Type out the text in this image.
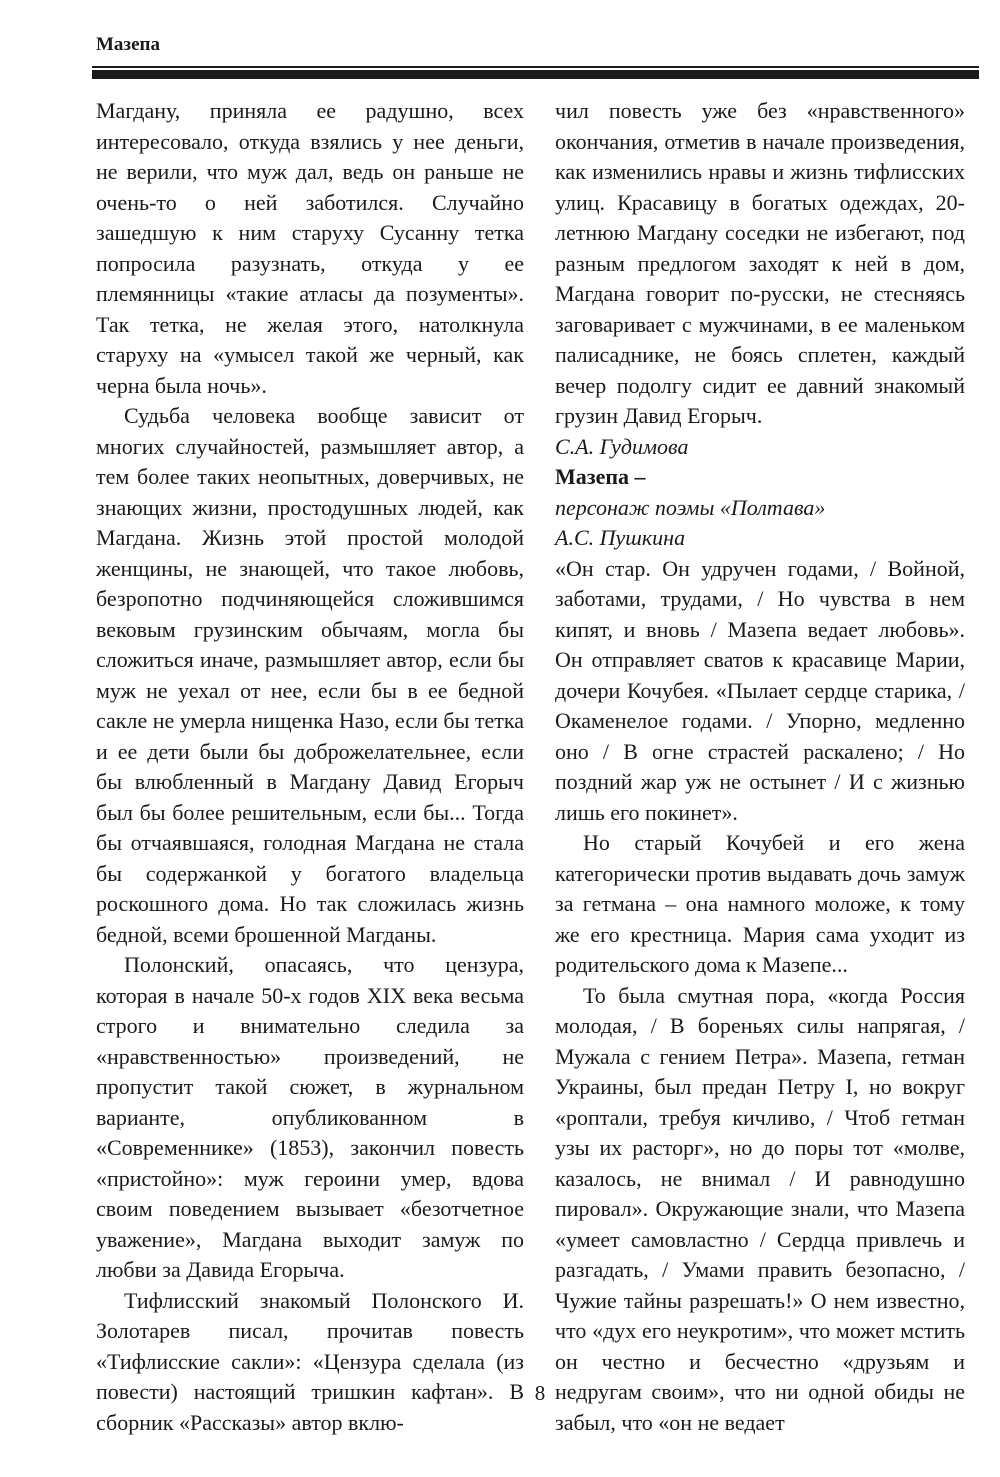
Мазепа

Магдану, приняла ее радушно, всех интересовало, откуда взялись у нее деньги, не верили, что муж дал, ведь он раньше не очень-то о ней заботился. Случайно зашедшую к ним старуху Сусанну тетка попросила разузнать, откуда у ее племянницы «такие атласы да позументы». Так тетка, не желая этого, натолкнула старуху на «умысел такой же черный, как черна была ночь».

Судьба человека вообще зависит от многих случайностей, размышляет автор, а тем более таких неопытных, доверчивых, не знающих жизни, простодушных людей, как Магдана. Жизнь этой простой молодой женщины, не знающей, что такое любовь, безропотно подчиняющейся сложившимся вековым грузинским обычаям, могла бы сложиться иначе, размышляет автор, если бы муж не уехал от нее, если бы в ее бедной сакле не умерла нищенка Назо, если бы тетка и ее дети были бы доброжелательнее, если бы влюбленный в Магдану Давид Егорыч был бы более решительным, если бы... Тогда бы отчаявшаяся, голодная Магдана не стала бы содержанкой у богатого владельца роскошного дома. Но так сложилась жизнь бедной, всеми брошенной Магданы.

Полонский, опасаясь, что цензура, которая в начале 50-х годов XIX века весьма строго и внимательно следила за «нравственностью» произведений, не пропустит такой сюжет, в журнальном варианте, опубликованном в «Современнике» (1853), закончил повесть «пристойно»: муж героини умер, вдова своим поведением вызывает «безотчетное уважение», Магдана выходит замуж по любви за Давида Егорыча.

Тифлисский знакомый Полонского И. Золотарев писал, прочитав повесть «Тифлисские сакли»: «Цензура сделала (из повести) настоящий тришкин кафтан». В сборник «Рассказы» автор вклю-

чил повесть уже без «нравственного» окончания, отметив в начале произведения, как изменились нравы и жизнь тифлисских улиц. Красавицу в богатых одеждах, 20-летнюю Магдану соседки не избегают, под разным предлогом заходят к ней в дом, Магдана говорит по-русски, не стесняясь заговаривает с мужчинами, в ее маленьком палисаднике, не боясь сплетен, каждый вечер подолгу сидит ее давний знакомый грузин Давид Егорыч.

С.А. Гудимова

Мазепа –

персонаж поэмы «Полтава»

А.С. Пушкина

«Он стар. Он удручен годами, / Войной, заботами, трудами, / Но чувства в нем кипят, и вновь / Мазепа ведает любовь». Он отправляет сватов к красавице Марии, дочери Кочубея. «Пылает сердце старика, / Окаменелое годами. / Упорно, медленно оно / В огне страстей раскалено; / Но поздний жар уж не остынет / И с жизнью лишь его покинет».

Но старый Кочубей и его жена категорически против выдавать дочь замуж за гетмана – она намного моложе, к тому же его крестница. Мария сама уходит из родительского дома к Мазепе...

То была смутная пора, «когда Россия молодая, / В бореньях силы напрягая, / Мужала с гением Петра». Мазепа, гетман Украины, был предан Петру I, но вокруг «роптали, требуя кичливо, / Чтоб гетман узы их расторг», но до поры тот «молве, казалось, не внимал / И равнодушно пировал». Окружающие знали, что Мазепа «умеет самовластно / Сердца привлечь и разгадать, / Умами править безопасно, / Чужие тайны разрешать!» О нем известно, что «дух его неукротим», что может мстить он честно и бесчестно «друзьям и недругам своим», что ни одной обиды не забыл, что «он не ведает

8
